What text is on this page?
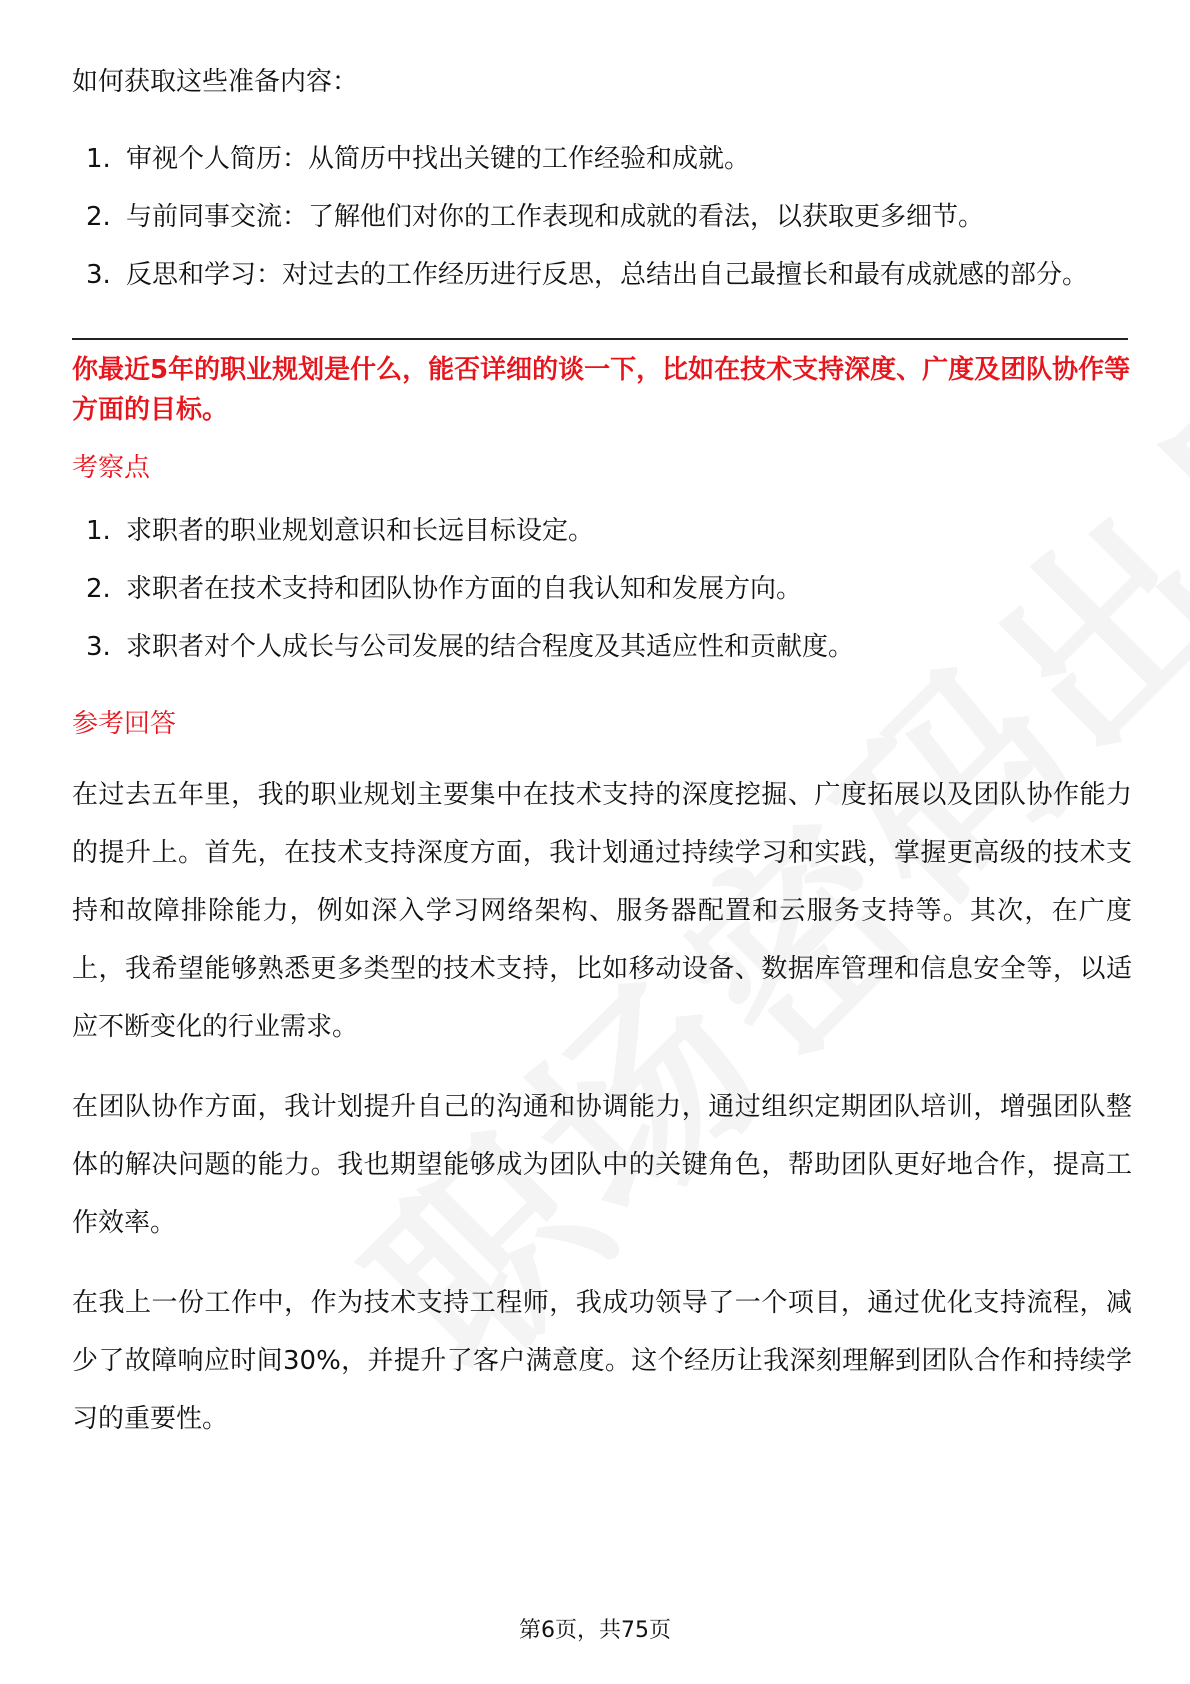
如何获取这些准备内容：

1. 审视个人简历：从简历中找出关键的工作经验和成就。
2. 与前同事交流：了解他们对你的工作表现和成就的看法，以获取更多细节。
3. 反思和学习：对过去的工作经历进行反思，总结出自己最擅长和最有成就感的部分。

你最近5年的职业规划是什么，能否详细的谈一下，比如在技术支持深度、广度及团队协作等方面的目标。

考察点

1. 求职者的职业规划意识和长远目标设定。
2. 求职者在技术支持和团队协作方面的自我认知和发展方向。
3. 求职者对个人成长与公司发展的结合程度及其适应性和贡献度。

参考回答

在过去五年里，我的职业规划主要集中在技术支持的深度挖掘、广度拓展以及团队协作能力的提升上。首先，在技术支持深度方面，我计划通过持续学习和实践，掌握更高级的技术支持和故障排除能力，例如深入学习网络架构、服务器配置和云服务支持等。其次，在广度上，我希望能够熟悉更多类型的技术支持，比如移动设备、数据库管理和信息安全等，以适应不断变化的行业需求。

在团队协作方面，我计划提升自己的沟通和协调能力，通过组织定期团队培训，增强团队整体的解决问题的能力。我也期望能够成为团队中的关键角色，帮助团队更好地合作，提高工作效率。

在我上一份工作中，作为技术支持工程师，我成功领导了一个项目，通过优化支持流程，减少了故障响应时间30%，并提升了客户满意度。这个经历让我深刻理解到团队合作和持续学习的重要性。

第6页，共75页
